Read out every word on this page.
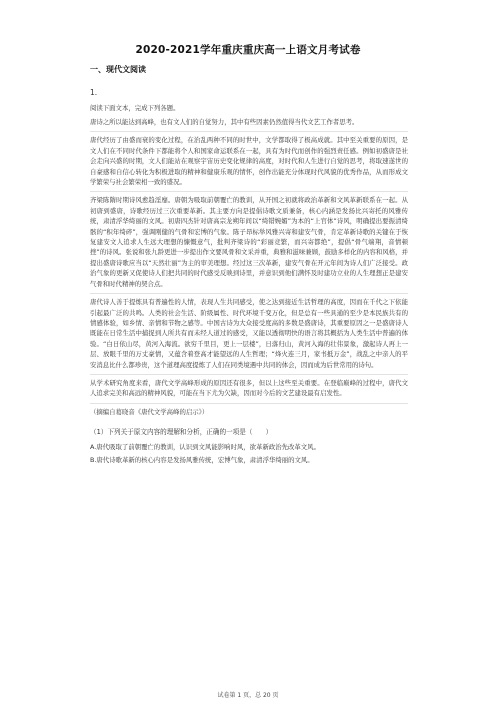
2020-2021学年重庆重庆高一上语文月考试卷
一、现代文阅读
1.
阅读下面文本，完成下列各题。
唐诗之所以能达到高峰，也有文人们的自觉努力，其中有些因素仍然值得当代文艺工作者思考。
唐代经历了由盛而衰的变化过程，在治乱两种不同的时世中，文学都取得了极高成就。其中至关重要的原因，是文人们在不同时代条件下都能将个人和国家命运联系在一起，具有为时代而创作的强烈责任感。例如初盛唐是社会走向兴盛的时期，文人们能站在观察宇宙历史变化规律的高度，对时代和人生进行自觉的思考，将取速遂世的自豪感和自信心转化为积极进取的精神和健康乐观的情怀，创作出能充分体现时代风貌的优秀作品，从而形成文学繁荣与社会繁荣相一致的盛况。
齐梁陈隋时期诗风愈趋淫靡。唐朝为吸取前朝覆亡的教训，从开国之初就将政治革新和文风革新联系在一起。从初唐到盛唐，诗歌经历过三次重要革新。其主要方向是提倡诗歌文质兼备，核心内涵是发扬比兴寄托的风雅传统，肃清浮华绮丽的文风。初唐四杰针对唐高宗龙朔年间以“绮错婉媚”为本的“上官体”诗风，明确提出要振清绮骸的“积年绮碎”，强调刚健的气骨和宏博的气象。陈子昂标举风雅兴寄和建安气骨，肯定革新诗歌的关键在于恢复建安文人追求人生远大理想的慷慨意气，批判齐梁诗的“彩丽竞繁，而兴寄都绝”，提倡“骨气端翔，音情顿挫”的诗风。张说和张九龄更进一步提出作文要风骨和文采并重，典雅和滋味兼顾，鼓励多样化的内容和风格，并提出盛唐诗歌应当以“天然壮丽”为主的审美理想。经过这三次革新，建安气骨在开元年间为诗人们广泛接受。政治气象的更新又促使诗人们把共同的时代感受反映到诗里，并意识到他们满怀及时建功立业的人生理想正是建安气骨和时代精神的契合点。
唐代诗人善于提炼具有普遍性的人情，表现人生共同感受，使之达到接近生活哲理的高度，因而在千代之下依能引起最广泛的共鸣。人类的社会生活、阶级属性、时代环境千变万化，但是总有一些具通的至少是本民族共有的情感体验，如乡情、亲情和节物之感等。中国古诗为大众接受度高的多数是盛唐诗，其重要原因之一是盛唐诗人既能在日常生活中捕捉到人所共有而未经人道过的感受，又能以透彻明快的语言将其概括为人类生活中普遍的体验。“白日依山尽，黄河入海流。欲穷千里目，更上一层楼”，日落归山，黄河入海的壮伟景象，激起诗人再上一层、放眼千里的万丈豪情，又蕴含着登高才能望远的人生哲理；“烽火连三月，家书抵万金”，战乱之中亲人的平安消息比什么都珍贵，这个道理高度提炼了人们在同类境遇中共同的体会，因而成为后世常用的诗句。
从学术研究角度来看，唐代文学高峰形成的原因还有很多，但以上这些至关重要。在登临巅峰的过程中，唐代文人追求完美和高远的精神风貌，可能在当下尤为欠缺，因而对今后的文艺建设最有启发性。
（摘编自葛晓音《唐代文学高峰的启示》）
（1）下列关于原文内容的理解和分析，正确的一项是（　　）
A.唐代吸取了前朝覆亡的教训，认识到文风能影响时风，欲革新政治先改革文风。
B.唐代诗歌革新的核心内容是发扬风雅传统，宏博气象，肃清浮华绮丽的文风。
试卷第 1 页，总 20 页
